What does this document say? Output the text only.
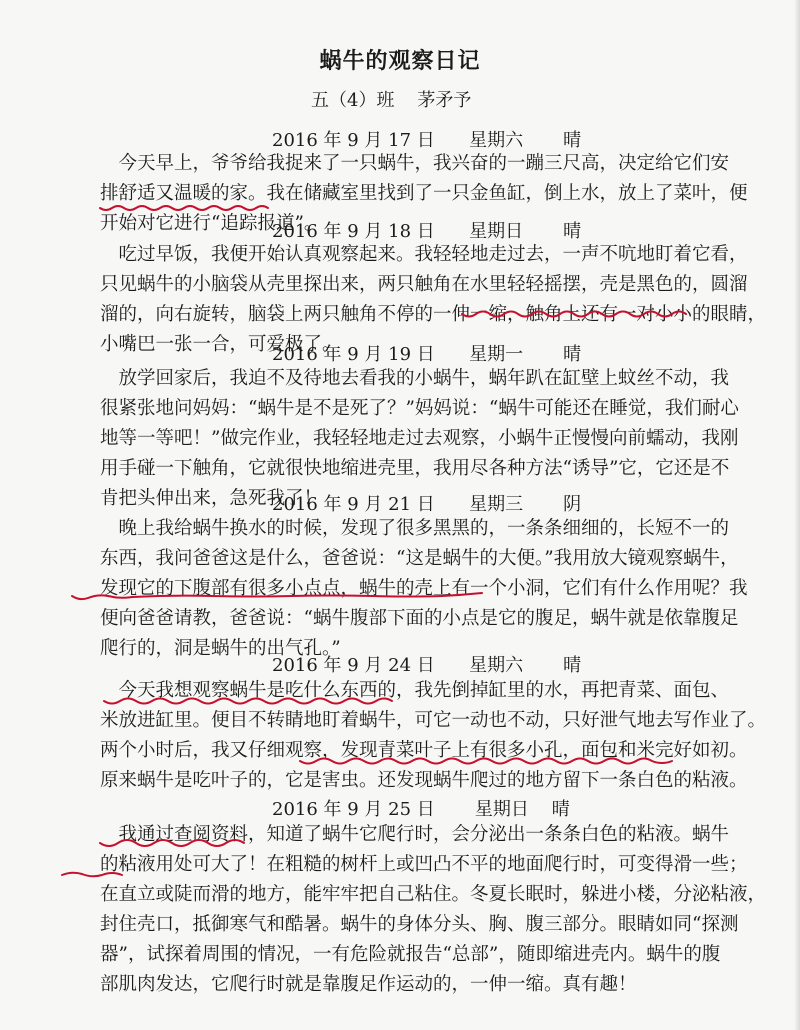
蜗牛的观察日记
五（4）班    茅矛予
2016 年 9 月 17 日      星期六       晴
　今天早上，爷爷给我捉来了一只蜗牛，我兴奋的一蹦三尺高，决定给它们安
排舒适又温暖的家。我在储藏室里找到了一只金鱼缸，倒上水，放上了菜叶，便
开始对它进行“追踪报道”。
2016 年 9 月 18 日      星期日       晴
　吃过早饭，我便开始认真观察起来。我轻轻地走过去，一声不吭地盯着它看，
只见蜗牛的小脑袋从壳里探出来，两只触角在水里轻轻摇摆，壳是黑色的，圆溜
溜的，向右旋转，脑袋上两只触角不停的一伸一缩，触角上还有一对小小的眼睛，
小嘴巴一张一合，可爱极了。
2016 年 9 月 19 日      星期一       晴
　放学回家后，我迫不及待地去看我的小蜗牛，蜗年趴在缸壁上蚊丝不动，我
很紧张地问妈妈：“蜗牛是不是死了？”妈妈说：“蜗牛可能还在睡觉，我们耐心
地等一等吧！”做完作业，我轻轻地走过去观察，小蜗牛正慢慢向前蠕动，我刚
用手碰一下触角，它就很快地缩进壳里，我用尽各种方法“诱导”它，它还是不
肯把头伸出来，急死我了！
2016 年 9 月 21 日      星期三       阴
　晚上我给蜗牛换水的时候，发现了很多黑黑的，一条条细细的，长短不一的
东西，我问爸爸这是什么，爸爸说：“这是蜗牛的大便。”我用放大镜观察蜗牛，
发现它的下腹部有很多小点点，蜗牛的壳上有一个小洞，它们有什么作用呢？我
便向爸爸请教，爸爸说：“蜗牛腹部下面的小点是它的腹足，蜗牛就是依靠腹足
爬行的，洞是蜗牛的出气孔。”
2016 年 9 月 24 日      星期六       晴
　今天我想观察蜗牛是吃什么东西的，我先倒掉缸里的水，再把青菜、面包、
米放进缸里。便目不转睛地盯着蜗牛，可它一动也不动，只好泄气地去写作业了。
两个小时后，我又仔细观察，发现青菜叶子上有很多小孔，面包和米完好如初。
原来蜗牛是吃叶子的，它是害虫。还发现蜗牛爬过的地方留下一条白色的粘液。
2016 年 9 月 25 日       星期日    晴
　我通过查阅资料，知道了蜗牛它爬行时，会分泌出一条条白色的粘液。蜗牛
的粘液用处可大了！在粗糙的树杆上或凹凸不平的地面爬行时，可变得滑一些；
在直立或陡而滑的地方，能牢牢把自己粘住。冬夏长眠时，躲进小楼，分泌粘液，
封住壳口，抵御寒气和酷暑。蜗牛的身体分头、胸、腹三部分。眼睛如同“探测
器”，试探着周围的情况，一有危险就报告“总部”，随即缩进壳内。蜗牛的腹
部肌肉发达，它爬行时就是靠腹足作运动的，一伸一缩。真有趣！
